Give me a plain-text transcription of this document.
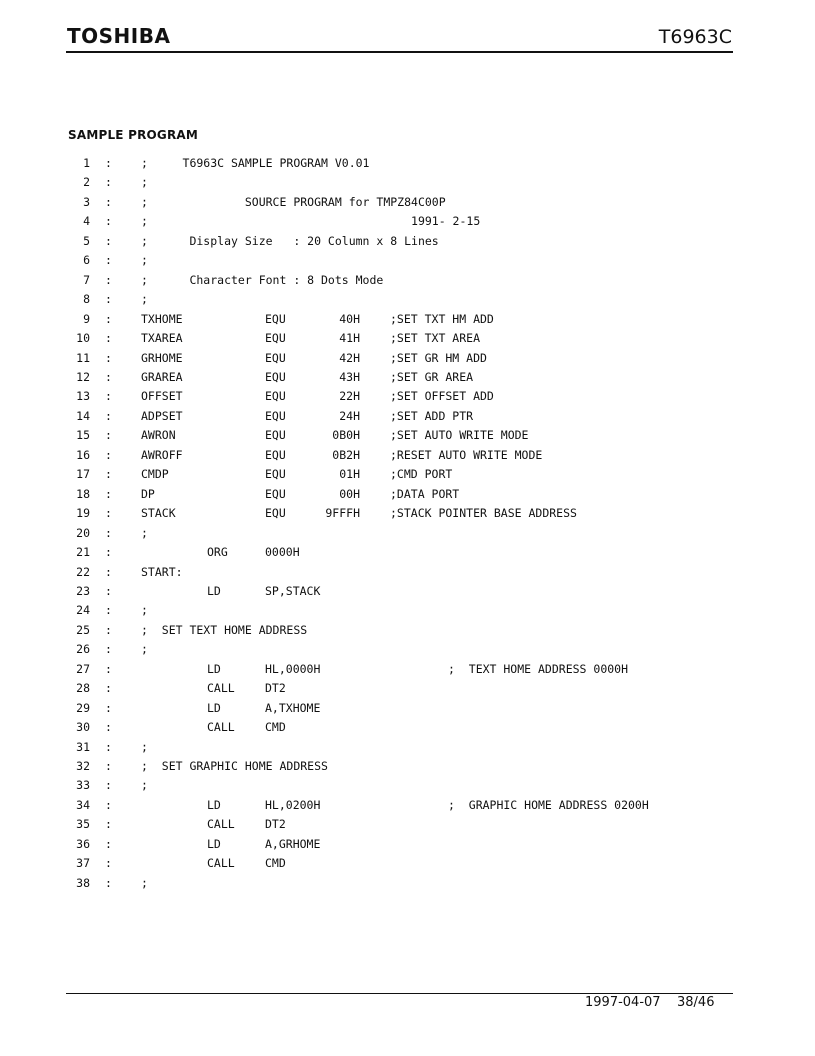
TOSHIBA	T6963C
SAMPLE PROGRAM
1 :	;     T6963C SAMPLE PROGRAM V0.01
2 :	;
3 :	;              SOURCE PROGRAM for TMPZ84C00P
4 :	;                                      1991- 2-15
5 :	;      Display Size   : 20 Column x 8 Lines
6 :	;
7 :	;      Character Font : 8 Dots Mode
8 :	;
9 :	TXHOME	EQU	40H	;SET TXT HM ADD
10 :	TXAREA	EQU	41H	;SET TXT AREA
11 :	GRHOME	EQU	42H	;SET GR HM ADD
12 :	GRAREA	EQU	43H	;SET GR AREA
13 :	OFFSET	EQU	22H	;SET OFFSET ADD
14 :	ADPSET	EQU	24H	;SET ADD PTR
15 :	AWRON	EQU	0B0H	;SET AUTO WRITE MODE
16 :	AWROFF	EQU	0B2H	;RESET AUTO WRITE MODE
17 :	CMDP	EQU	01H	;CMD PORT
18 :	DP	EQU	00H	;DATA PORT
19 :	STACK	EQU	9FFFH	;STACK POINTER BASE ADDRESS
20 :	;
21 :	ORG	0000H
22 :	START:
23 :	LD	SP,STACK
24 :	;
25 :	;  SET TEXT HOME ADDRESS
26 :	;
27 :	LD	HL,0000H	;  TEXT HOME ADDRESS 0000H
28 :	CALL	DT2
29 :	LD	A,TXHOME
30 :	CALL	CMD
31 :	;
32 :	;  SET GRAPHIC HOME ADDRESS
33 :	;
34 :	LD	HL,0200H	;  GRAPHIC HOME ADDRESS 0200H
35 :	CALL	DT2
36 :	LD	A,GRHOME
37 :	CALL	CMD
38 :	;
1997-04-07 38/46
